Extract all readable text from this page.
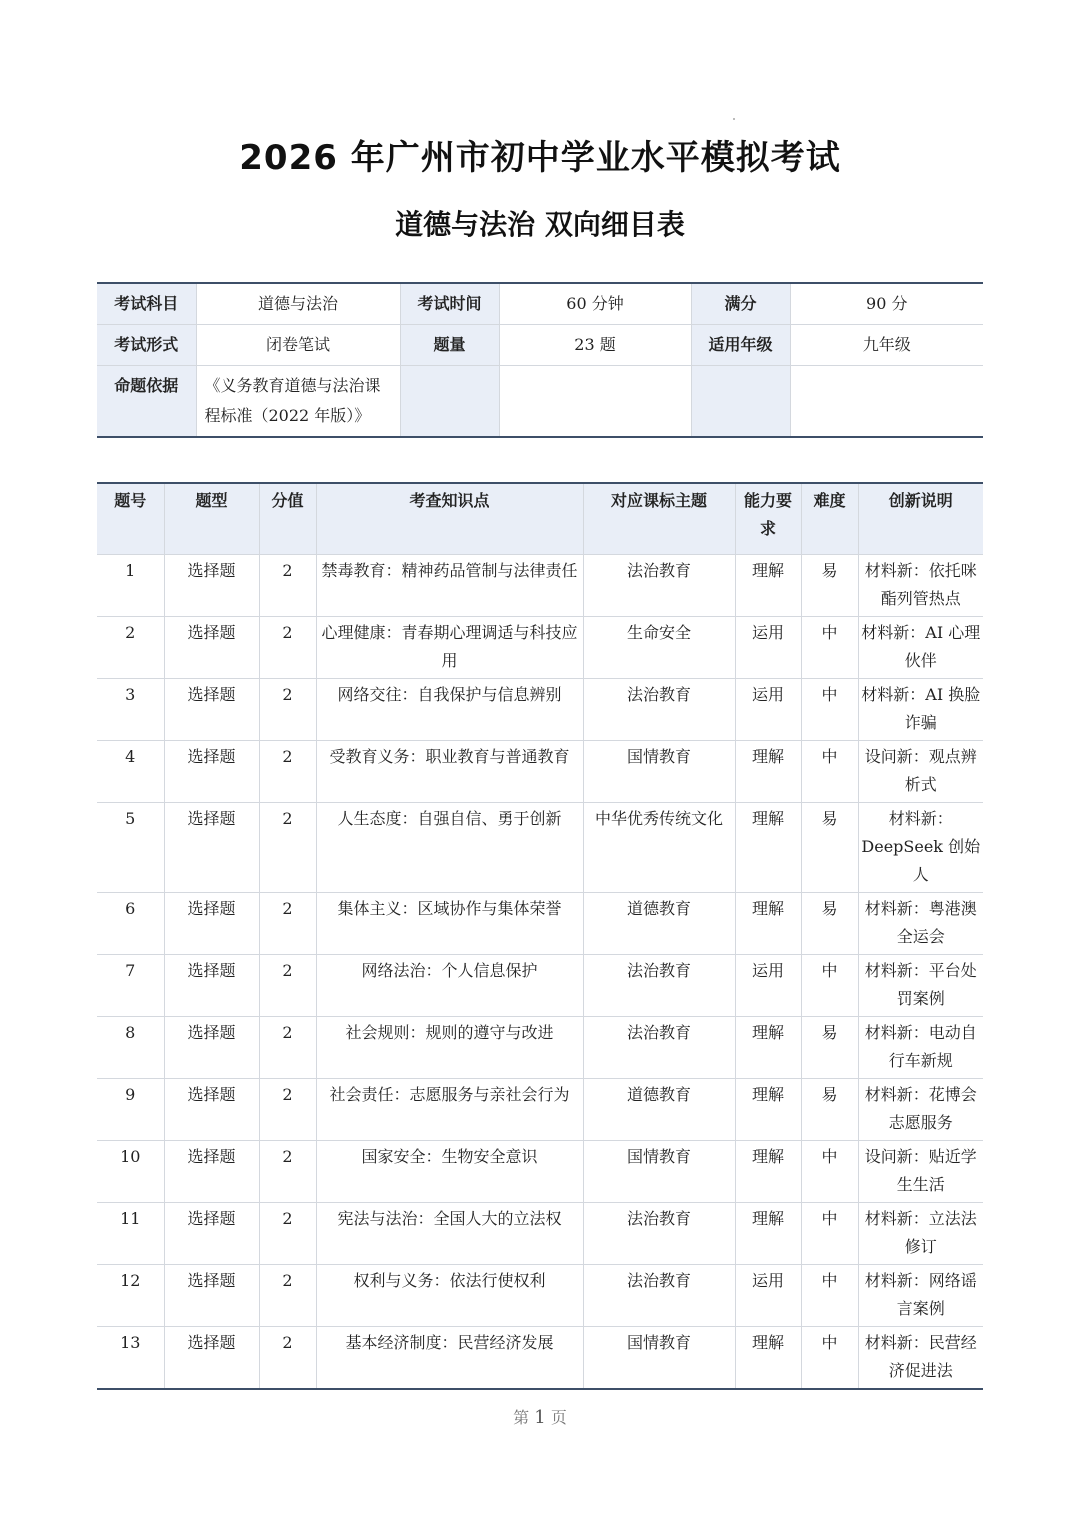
2026 年广州市初中学业水平模拟考试
道德与法治 双向细目表
考试科目	道德与法治	考试时间	60 分钟	满分	90 分
考试形式	闭卷笔试	题量	23 题	适用年级	九年级
命题依据	《义务教育道德与法治课程标准（2022 年版）》				
题号	题型	分值	考查知识点	对应课标主题	能力要求	难度	创新说明
1	选择题	2	禁毒教育：精神药品管制与法律责任	法治教育	理解	易	材料新：依托咪酯列管热点
2	选择题	2	心理健康：青春期心理调适与科技应用	生命安全	运用	中	材料新：AI 心理伙伴
3	选择题	2	网络交往：自我保护与信息辨别	法治教育	运用	中	材料新：AI 换脸诈骗
4	选择题	2	受教育义务：职业教育与普通教育	国情教育	理解	中	设问新：观点辨析式
5	选择题	2	人生态度：自强自信、勇于创新	中华优秀传统文化	理解	易	材料新：DeepSeek 创始人
6	选择题	2	集体主义：区域协作与集体荣誉	道德教育	理解	易	材料新：粤港澳全运会
7	选择题	2	网络法治：个人信息保护	法治教育	运用	中	材料新：平台处罚案例
8	选择题	2	社会规则：规则的遵守与改进	法治教育	理解	易	材料新：电动自行车新规
9	选择题	2	社会责任：志愿服务与亲社会行为	道德教育	理解	易	材料新：花博会志愿服务
10	选择题	2	国家安全：生物安全意识	国情教育	理解	中	设问新：贴近学生生活
11	选择题	2	宪法与法治：全国人大的立法权	法治教育	理解	中	材料新：立法法修订
12	选择题	2	权利与义务：依法行使权利	法治教育	运用	中	材料新：网络谣言案例
13	选择题	2	基本经济制度：民营经济发展	国情教育	理解	中	材料新：民营经济促进法
第 1 页
